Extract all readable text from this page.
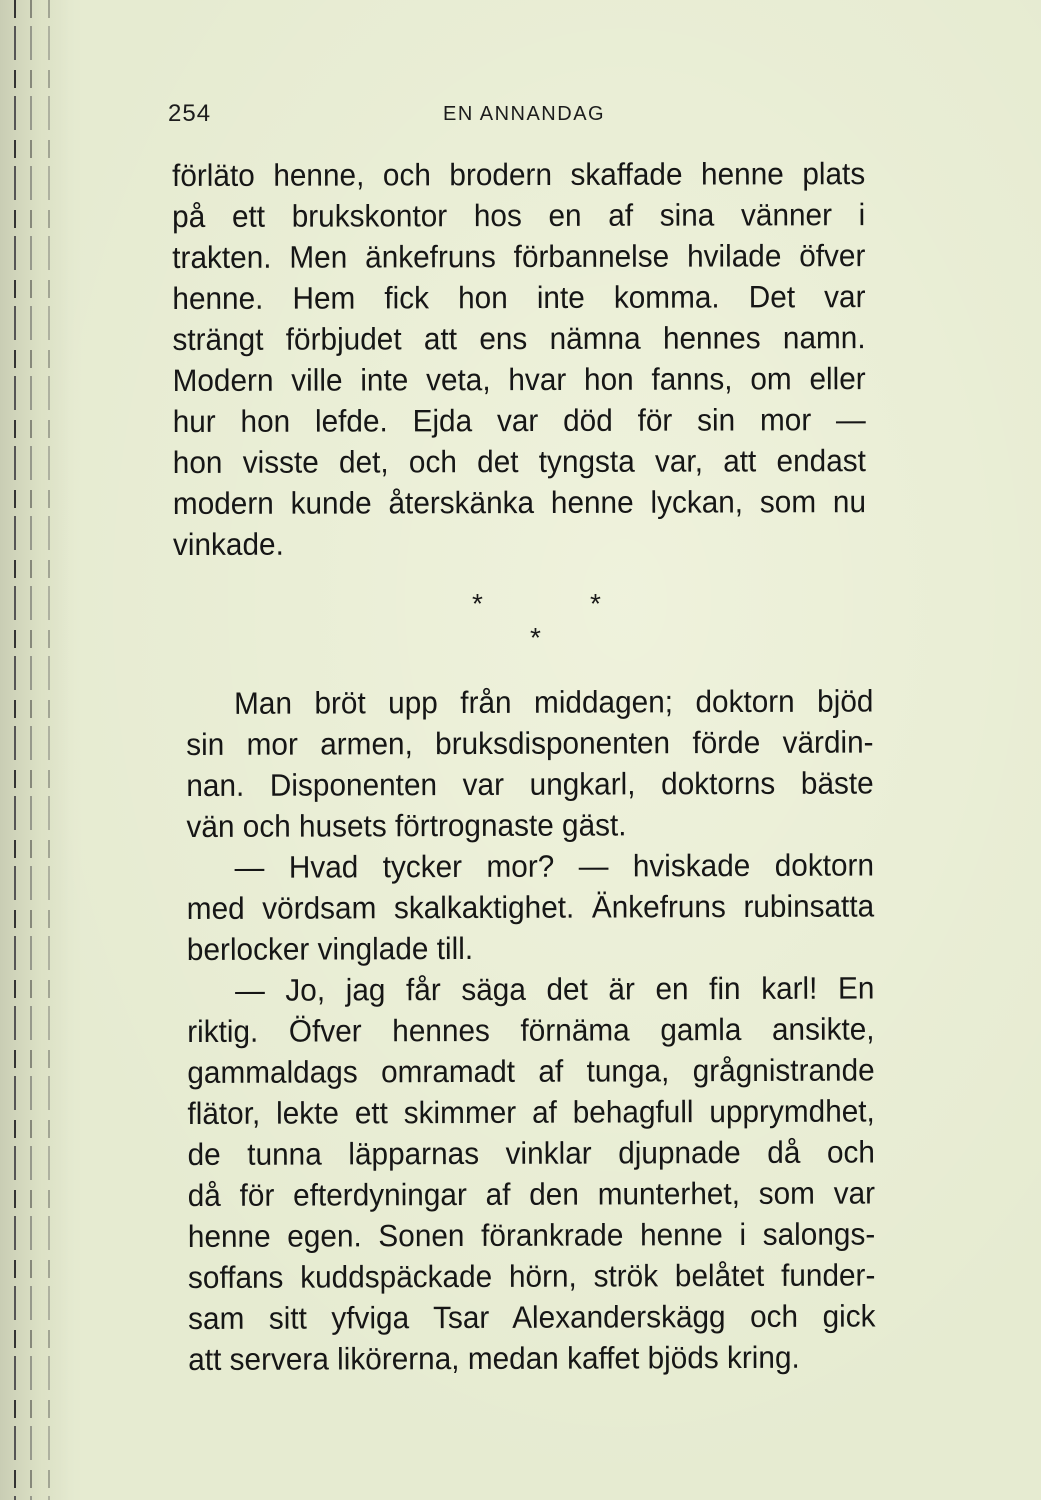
254	EN ANNANDAG
förläto henne, och brodern skaffade henne plats
på ett brukskontor hos en af sina vänner i
trakten. Men änkefruns förbannelse hvilade öfver
henne. Hem fick hon inte komma. Det var
strängt förbjudet att ens nämna hennes namn.
Modern ville inte veta, hvar hon fanns, om eller
hur hon lefde. Ejda var död för sin mor —
hon visste det, och det tyngsta var, att endast
modern kunde återskänka henne lyckan, som nu
vinkade.
*	*
*
Man bröt upp från middagen; doktorn bjöd
sin mor armen, bruksdisponenten förde värdin-
nan. Disponenten var ungkarl, doktorns bäste
vän och husets förtrognaste gäst.
— Hvad tycker mor? — hviskade doktorn
med vördsam skalkaktighet. Änkefruns rubinsatta
berlocker vinglade till.
— Jo, jag får säga det är en fin karl! En
riktig. Öfver hennes förnäma gamla ansikte,
gammaldags omramadt af tunga, grågnistrande
flätor, lekte ett skimmer af behagfull upprymdhet,
de tunna läpparnas vinklar djupnade då och
då för efterdyningar af den munterhet, som var
henne egen. Sonen förankrade henne i salongs-
soffans kuddspäckade hörn, strök belåtet funder-
sam sitt yfviga Tsar Alexanderskägg och gick
att servera likörerna, medan kaffet bjöds kring.
